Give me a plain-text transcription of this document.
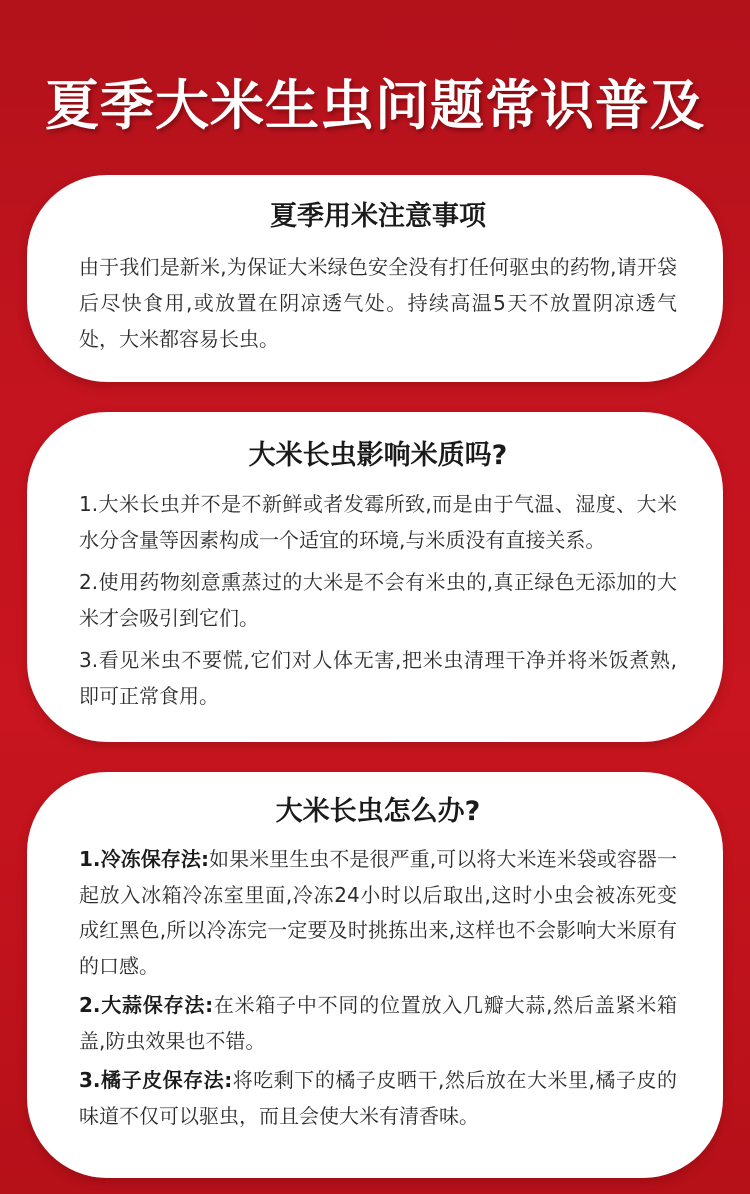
夏季大米生虫问题常识普及
夏季用米注意事项

由于我们是新米,为保证大米绿色安全没有打任何驱虫的药物,请开袋后尽快食用,或放置在阴凉透气处。持续高温5天不放置阴凉透气处，大米都容易长虫。

大米长虫影响米质吗?

1.大米长虫并不是不新鲜或者发霉所致,而是由于气温、湿度、大米水分含量等因素构成一个适宜的环境,与米质没有直接关系。

2.使用药物刻意熏蒸过的大米是不会有米虫的,真正绿色无添加的大米才会吸引到它们。

3.看见米虫不要慌,它们对人体无害,把米虫清理干净并将米饭煮熟,即可正常食用。

大米长虫怎么办?

1.冷冻保存法:如果米里生虫不是很严重,可以将大米连米袋或容器一起放入冰箱冷冻室里面,冷冻24小时以后取出,这时小虫会被冻死变成红黑色,所以冷冻完一定要及时挑拣出来,这样也不会影响大米原有的口感。

2.大蒜保存法:在米箱子中不同的位置放入几瓣大蒜,然后盖紧米箱盖,防虫效果也不错。

3.橘子皮保存法:将吃剩下的橘子皮晒干,然后放在大米里,橘子皮的味道不仅可以驱虫，而且会使大米有清香味。
